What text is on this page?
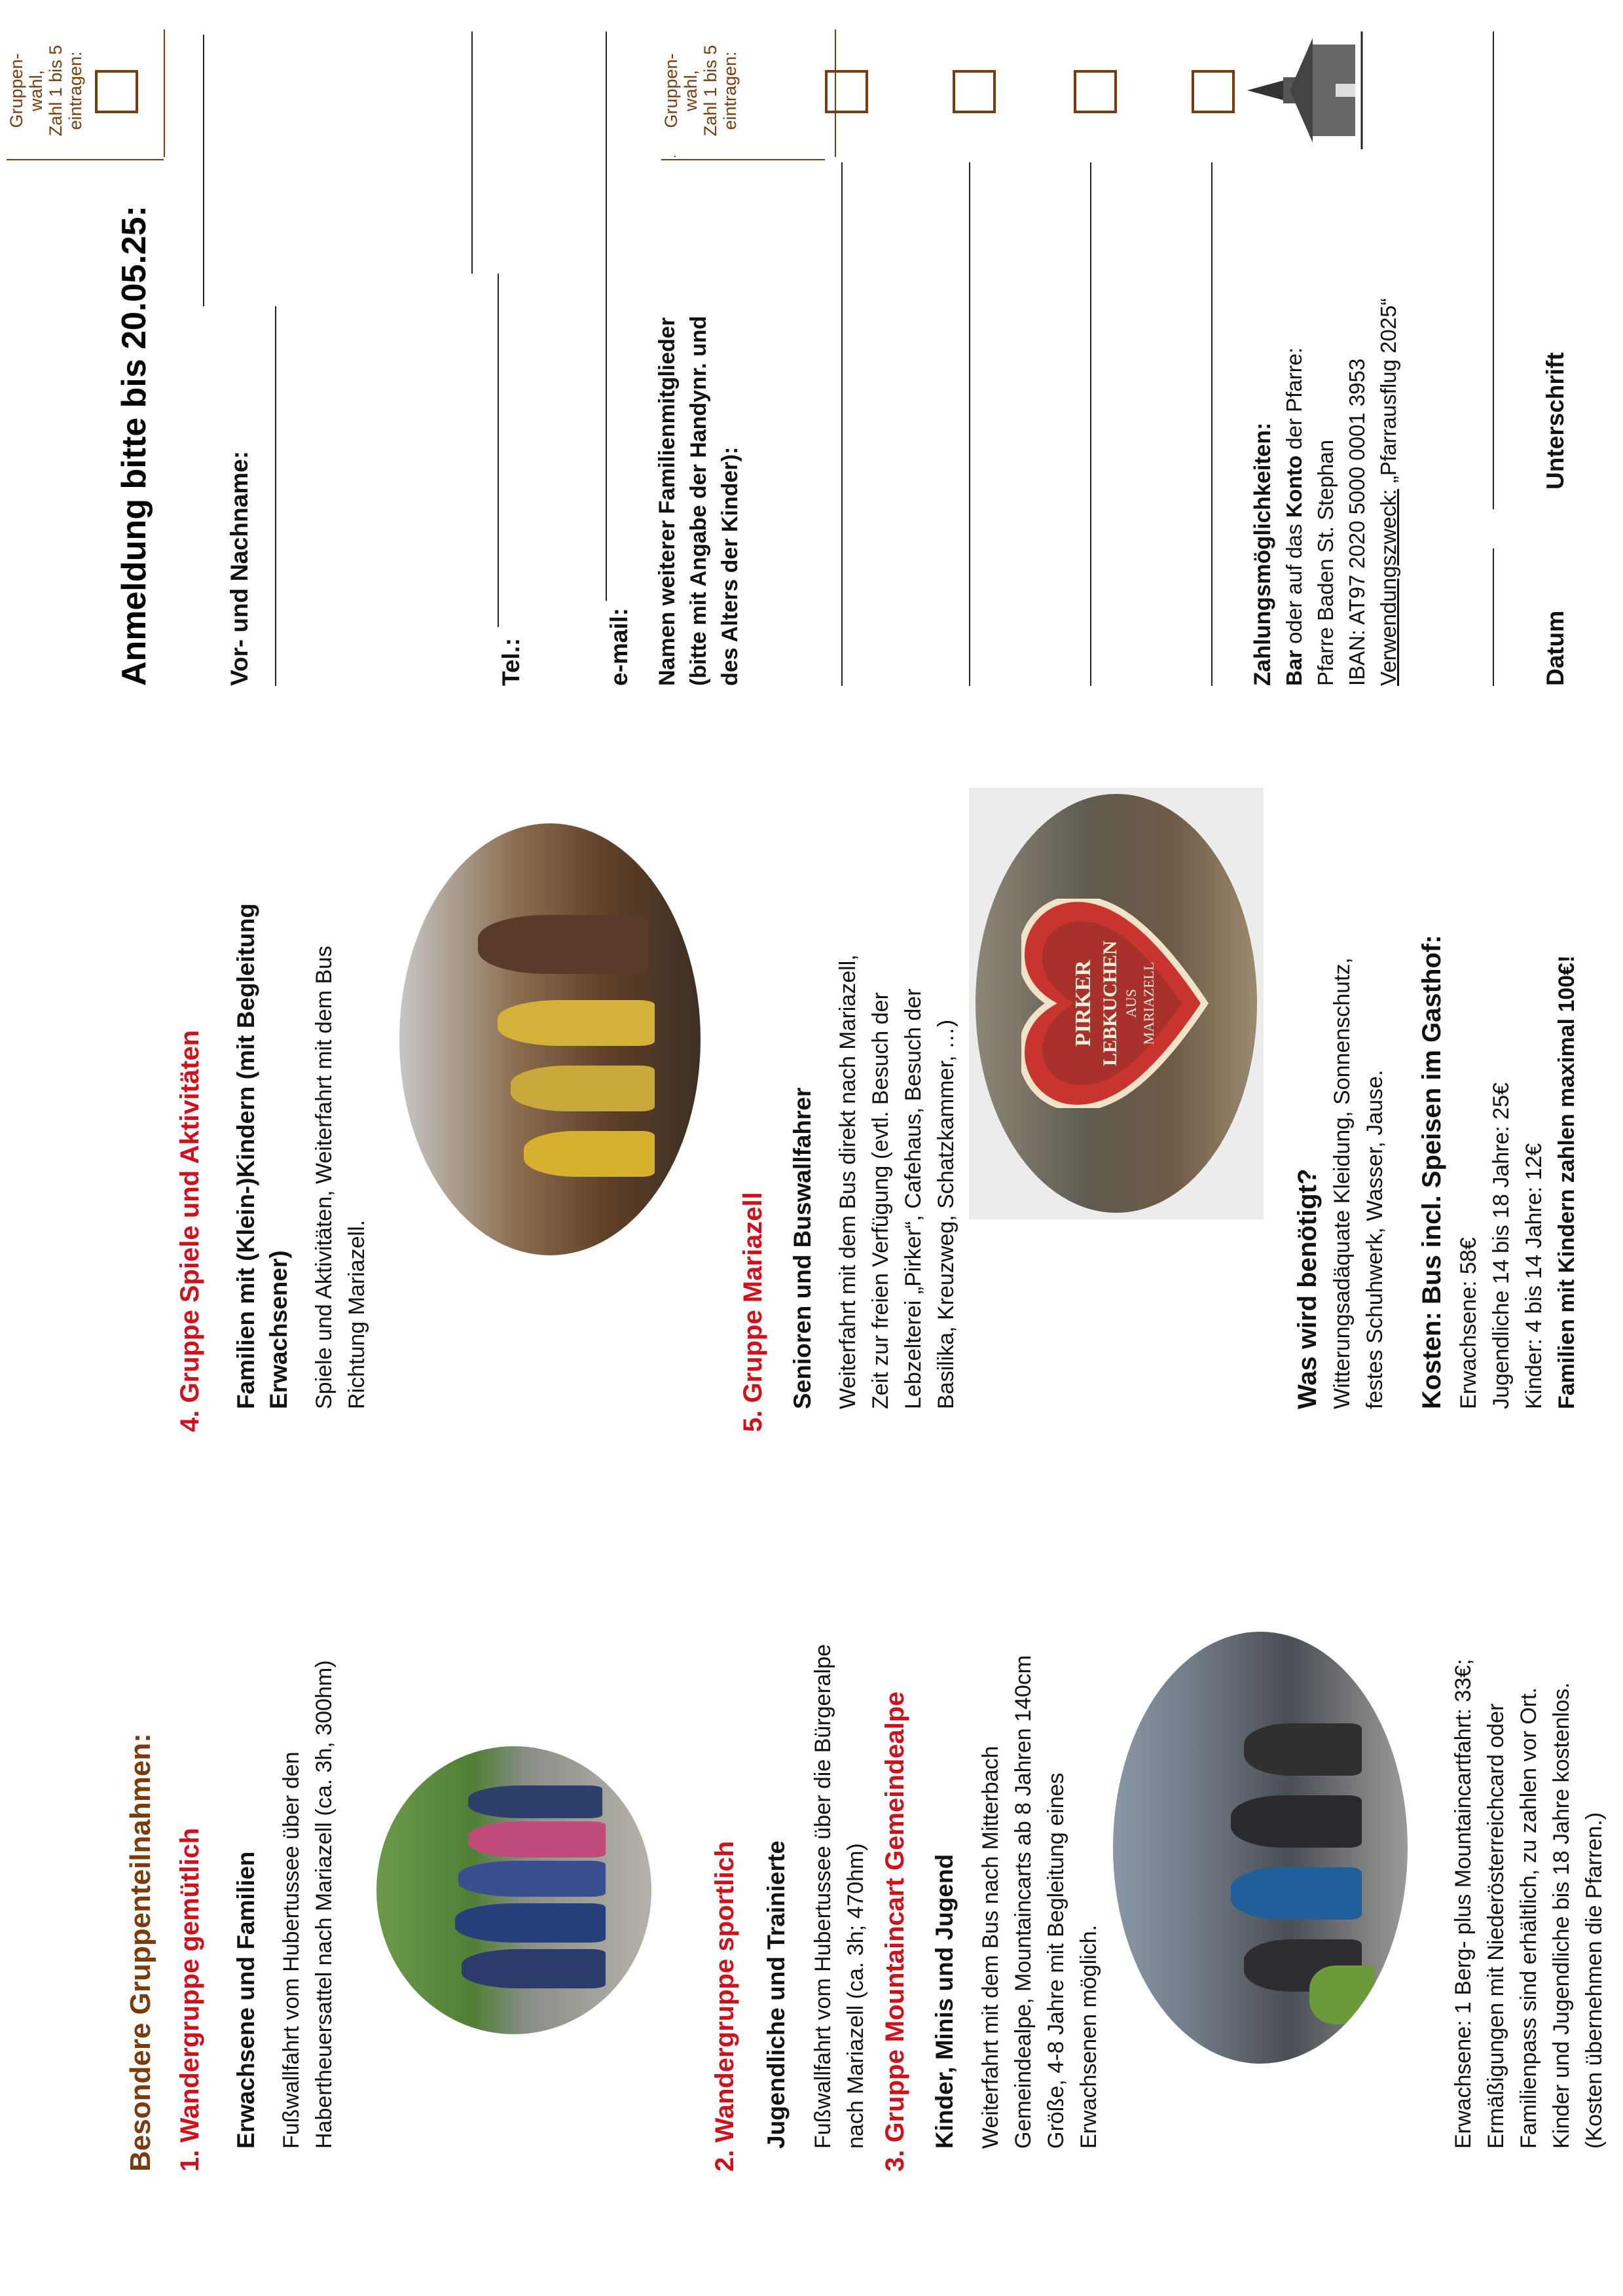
Besondere Gruppenteilnahmen: 1. Wandergruppe gemütlich Erwachsene und Familien Fußwallfahrt vom Hubertussee über den Habertheuersattel nach Mariazell (ca. 3h, 300hm)	2. Wandergruppe sportlich Jugendliche und Trainierte Fußwallfahrt vom Hubertussee über die Bürgeralpe nach Mariazell (ca. 3h; 470hm) 3. Gruppe Mountaincart Gemeindealpe Kinder, Minis und Jugend Weiterfahrt mit dem Bus nach Mitterbach Gemeindealpe, Mountaincarts ab 8 Jahren 140cm Größe, 4-8 Jahre mit Begleitung eines Erwachsenen möglich.	Erwachsene: 1 Berg- plus Mountaincartfahrt: 33€; Ermäßigungen mit Niederösterreichcard oder Familienpass sind erhältlich, zu zahlen vor Ort. Kinder und Jugendliche bis 18 Jahre kostenlos. (Kosten übernehmen die Pfarren.)
4. Gruppe Spiele und Aktivitäten Familien mit (Klein-)Kindern (mit Begleitung Erwachsener) Spiele und Aktivitäten, Weiterfahrt mit dem Bus Richtung Mariazell.	5. Gruppe Mariazell Senioren und Buswallfahrer Weiterfahrt mit dem Bus direkt nach Mariazell, Zeit zur freien Verfügung (evtl. Besuch der Lebzelterei „Pirker“, Cafehaus, Besuch der Basilika, Kreuzweg, Schatzkammer, …)
PIRKER LEBKUCHEN AUS MARIAZELL
Was wird benötigt? Witterungsadäquate Kleidung, Sonnenschutz, festes Schuhwerk, Wasser, Jause. Kosten: Bus incl. Speisen im Gasthof: Erwachsene: 58€ Jugendliche 14 bis 18 Jahre: 25€ Kinder: 4 bis 14 Jahre: 12€ Familien mit Kindern zahlen maximal 100€!
Anmeldung bitte bis 20.05.25:
Gruppen- wahl, Zahl 1 bis 5 eintragen:
Vor- und Nachname:	Tel.:	e-mail: Namen weiterer Familienmitglieder (bitte mit Angabe der Handynr. und des Alters der Kinder):
Gruppen- wahl, Zahl 1 bis 5 eintragen:
Zahlungsmöglichkeiten: Bar oder auf das Konto der Pfarre:
Pfarre Baden St. Stephan IBAN: AT97 2020 5000 0001 3953 Verwendungszweck: „Pfarrausflug 2025“
Datum
Unterschrift
